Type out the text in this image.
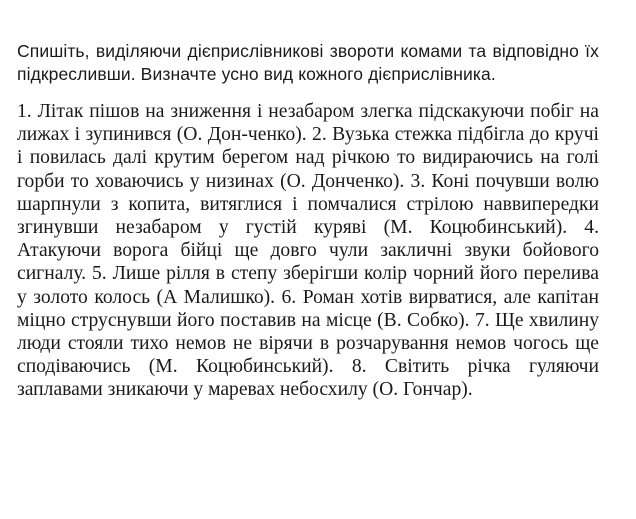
Спишіть, виділяючи дієприслівникові звороти комами та відповідно їх підкресливши. Визначте усно вид кожного дієприслівника.

1. Літак пішов на зниження і незабаром злегка підскакуючи побіг на лижах і зупинився (О. Дон-ченко). 2. Вузька стежка підбігла до кручі і повилась далі крутим берегом над річкою то видираючись на голі горби то ховаючись у низинах (О. Донченко). 3. Коні почувши волю шарпнули з копита, витяглися і помчалися стрілою наввипередки згинувши незабаром у густій куряві (М. Коцюбинський). 4. Атакуючи ворога бійці ще довго чули закличні звуки бойового сигналу. 5. Лише рілля в степу зберігши колір чорний його перелива у золото колось (А Малишко). 6. Роман хотів вирватися, але капітан міцно струснувши його поставив на місце (В. Собко). 7. Ще хвилину люди стояли тихо немов не вірячи в розчарування немов чогось ще сподіваючись (М. Коцюбинський). 8. Світить річка гуляючи заплавами зникаючи у маревах небосхилу (О. Гончар).
